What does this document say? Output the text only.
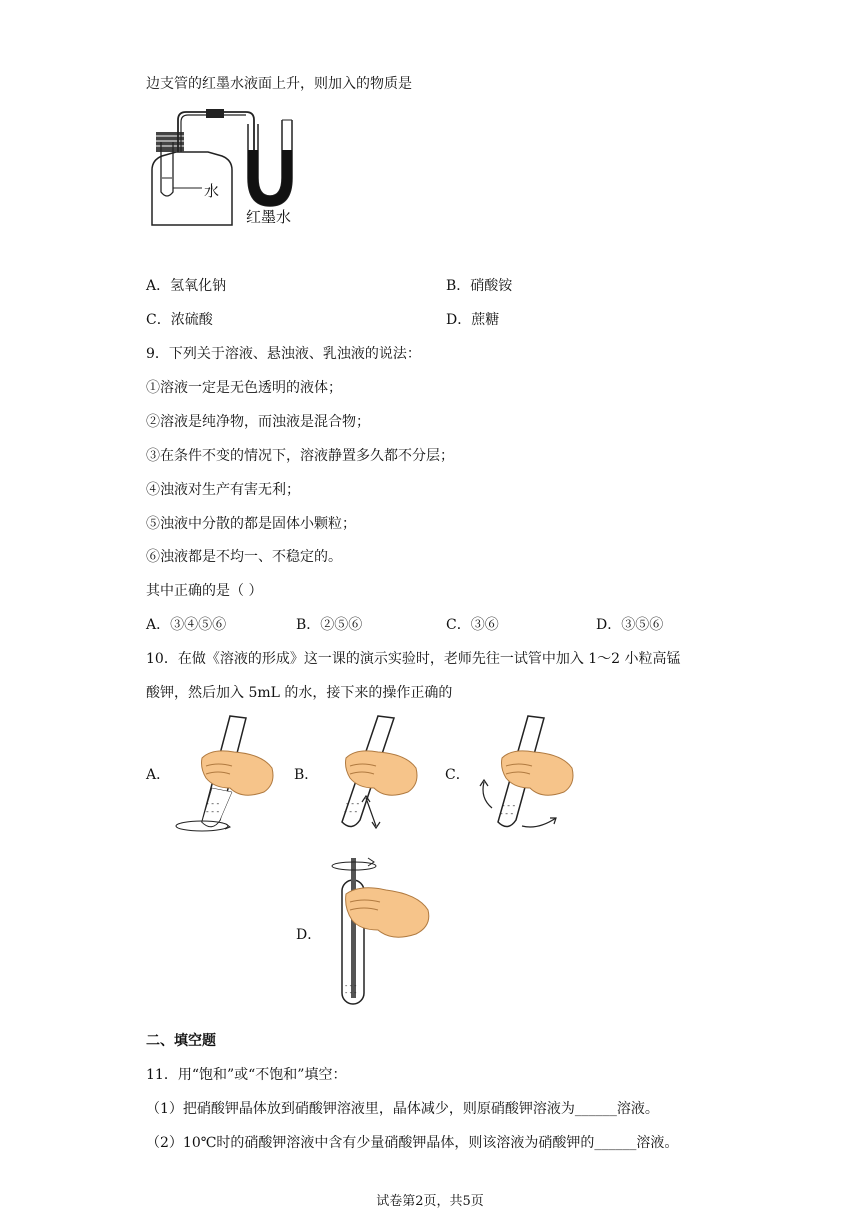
边支管的红墨水液面上升，则加入的物质是
水
红墨水
A．氢氧化钠	B．硝酸铵
C．浓硫酸	D．蔗糖
9．下列关于溶液、悬浊液、乳浊液的说法：
①溶液一定是无色透明的液体；
②溶液是纯净物，而浊液是混合物；
③在条件不变的情况下，溶液静置多久都不分层；
④浊液对生产有害无利；
⑤浊液中分散的都是固体小颗粒；
⑥浊液都是不均一、不稳定的。
其中正确的是（ ）
A．③④⑤⑥	B．②⑤⑥	C．③⑥	D．③⑤⑥
10．在做《溶液的形成》这一课的演示实验时，老师先往一试管中加入 1～2 小粒高锰
酸钾，然后加入 5mL 的水，接下来的操作正确的
A．	B．	C．
D．
- - -
- - -
- - -
- - -
- - -
- - -
- - -
- - -
二、填空题
11．用“饱和”或“不饱和”填空：
（1）把硝酸钾晶体放到硝酸钾溶液里，晶体减少，则原硝酸钾溶液为______溶液。
（2）10℃时的硝酸钾溶液中含有少量硝酸钾晶体，则该溶液为硝酸钾的______溶液。
试卷第2页，共5页
